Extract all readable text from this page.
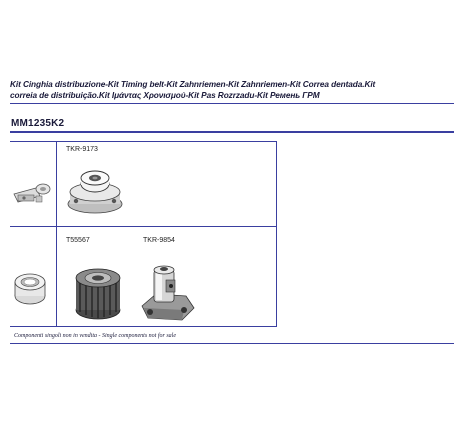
Kit Cinghia distribuzione-Kit Timing belt-Kit Zahnriemen-Kit Zahnriemen-Kit Correa dentada.Kit
correia de distribuição.Kit Ιμάντας Χρονισμού-Kit Pas Rozrzadu-Kit Ремень ГРМ
MM1235K2
TKR-9173
T55567	TKR-9854
Componenti singoli non in vendita - Single components not for sale
